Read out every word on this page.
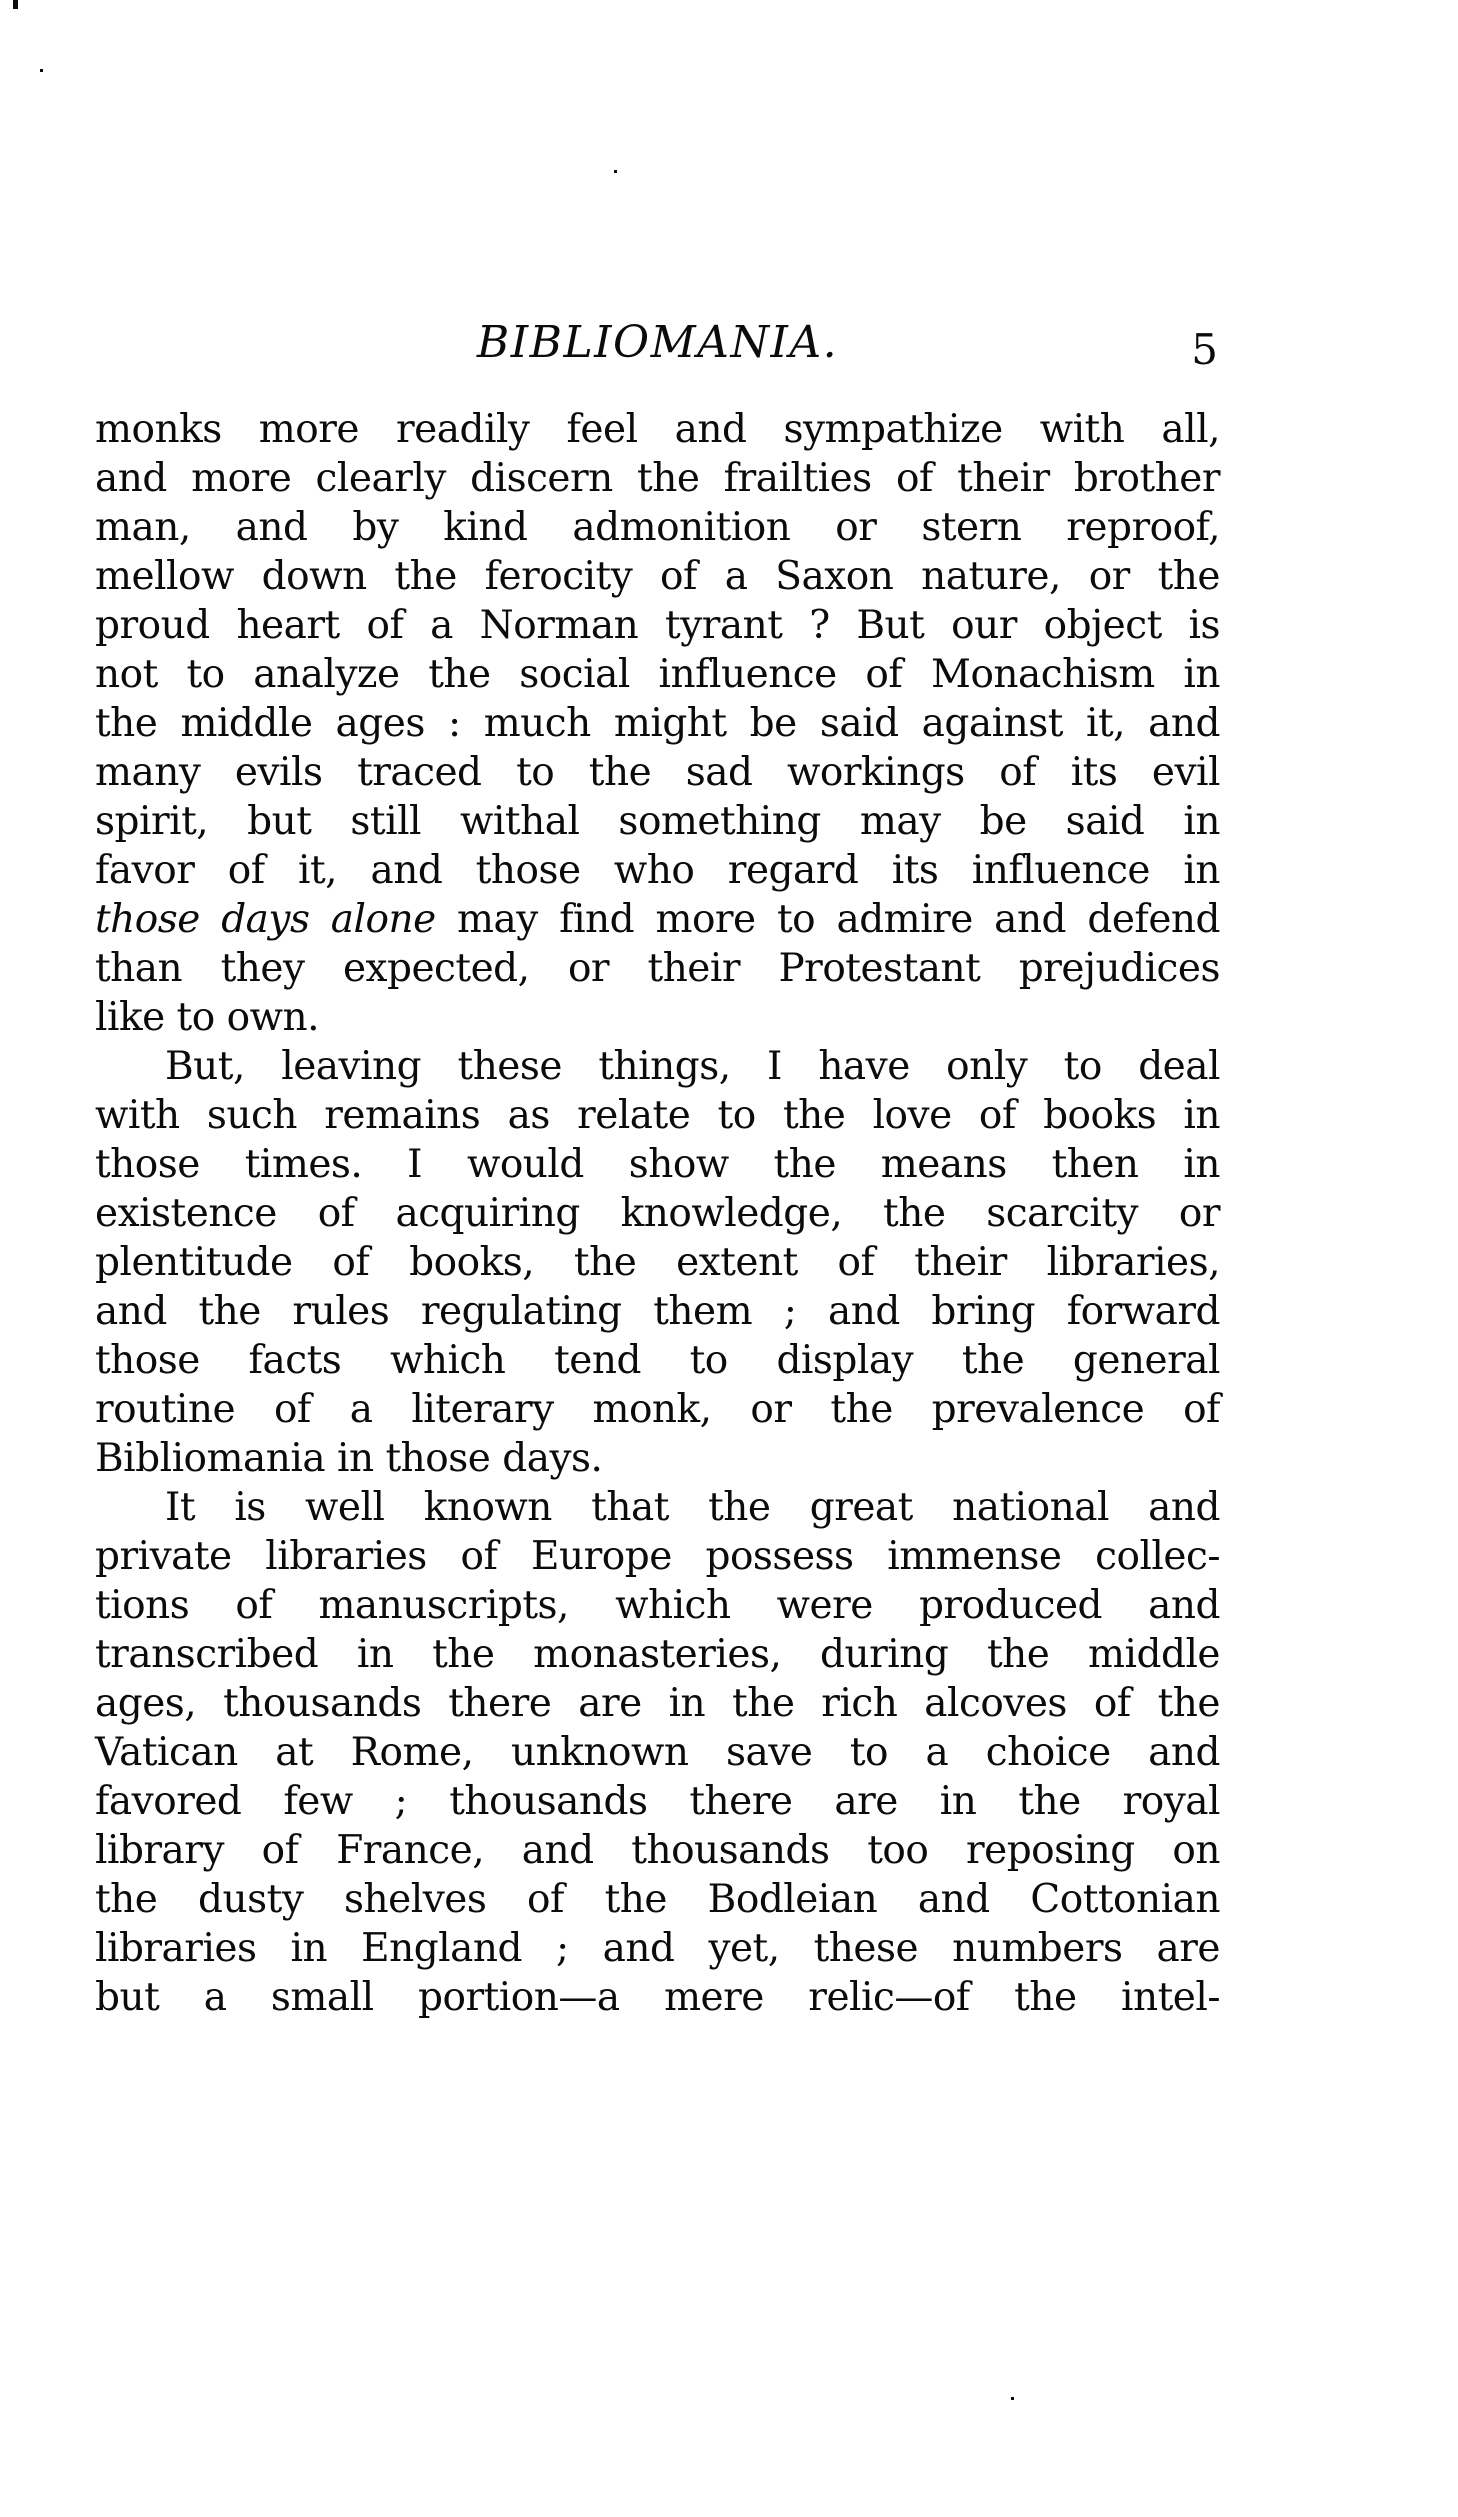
BIBLIOMANIA.	5
monks more readily feel and sympathize with all,
and more clearly discern the frailties of their brother
man, and by kind admonition or stern reproof,
mellow down the ferocity of a Saxon nature, or the
proud heart of a Norman tyrant ? But our object is
not to analyze the social influence of Monachism in
the middle ages : much might be said against it, and
many evils traced to the sad workings of its evil
spirit, but still withal something may be said in
favor of it, and those who regard its influence in
those days alone may find more to admire and defend
than they expected, or their Protestant prejudices
like to own.
But, leaving these things, I have only to deal
with such remains as relate to the love of books in
those times. I would show the means then in
existence of acquiring knowledge, the scarcity or
plentitude of books, the extent of their libraries,
and the rules regulating them ; and bring forward
those facts which tend to display the general
routine of a literary monk, or the prevalence of
Bibliomania in those days.
It is well known that the great national and
private libraries of Europe possess immense collec-
tions of manuscripts, which were produced and
transcribed in the monasteries, during the middle
ages, thousands there are in the rich alcoves of the
Vatican at Rome, unknown save to a choice and
favored few ; thousands there are in the royal
library of France, and thousands too reposing on
the dusty shelves of the Bodleian and Cottonian
libraries in England ; and yet, these numbers are
but a small portion—a mere relic—of the intel-
